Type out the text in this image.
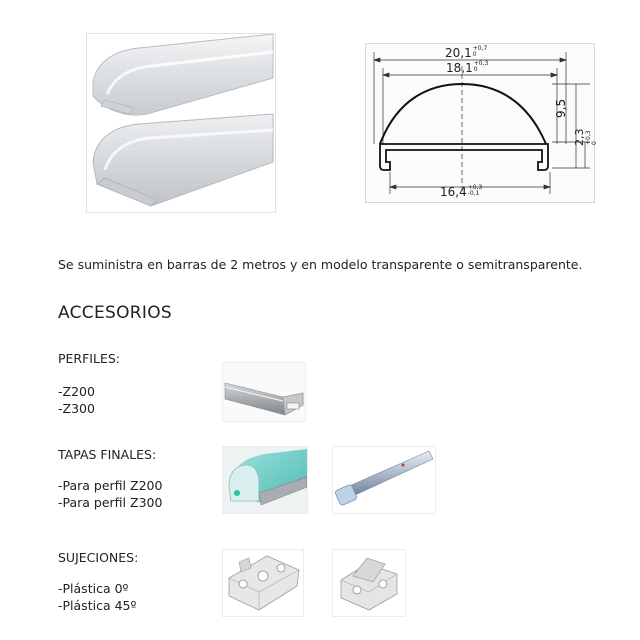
20,1+0,7
0
18,1+0,3
0
16,4+0,3
-0,1
9,5
2,3+0,3
0
Se suministra en barras de 2 metros y en modelo transparente o semitransparente.
ACCESORIOS
PERFILES:
-Z200
-Z300
TAPAS FINALES:
-Para perfil Z200
-Para perfil Z300
SUJECIONES:
-Plástica 0º
-Plástica 45º
